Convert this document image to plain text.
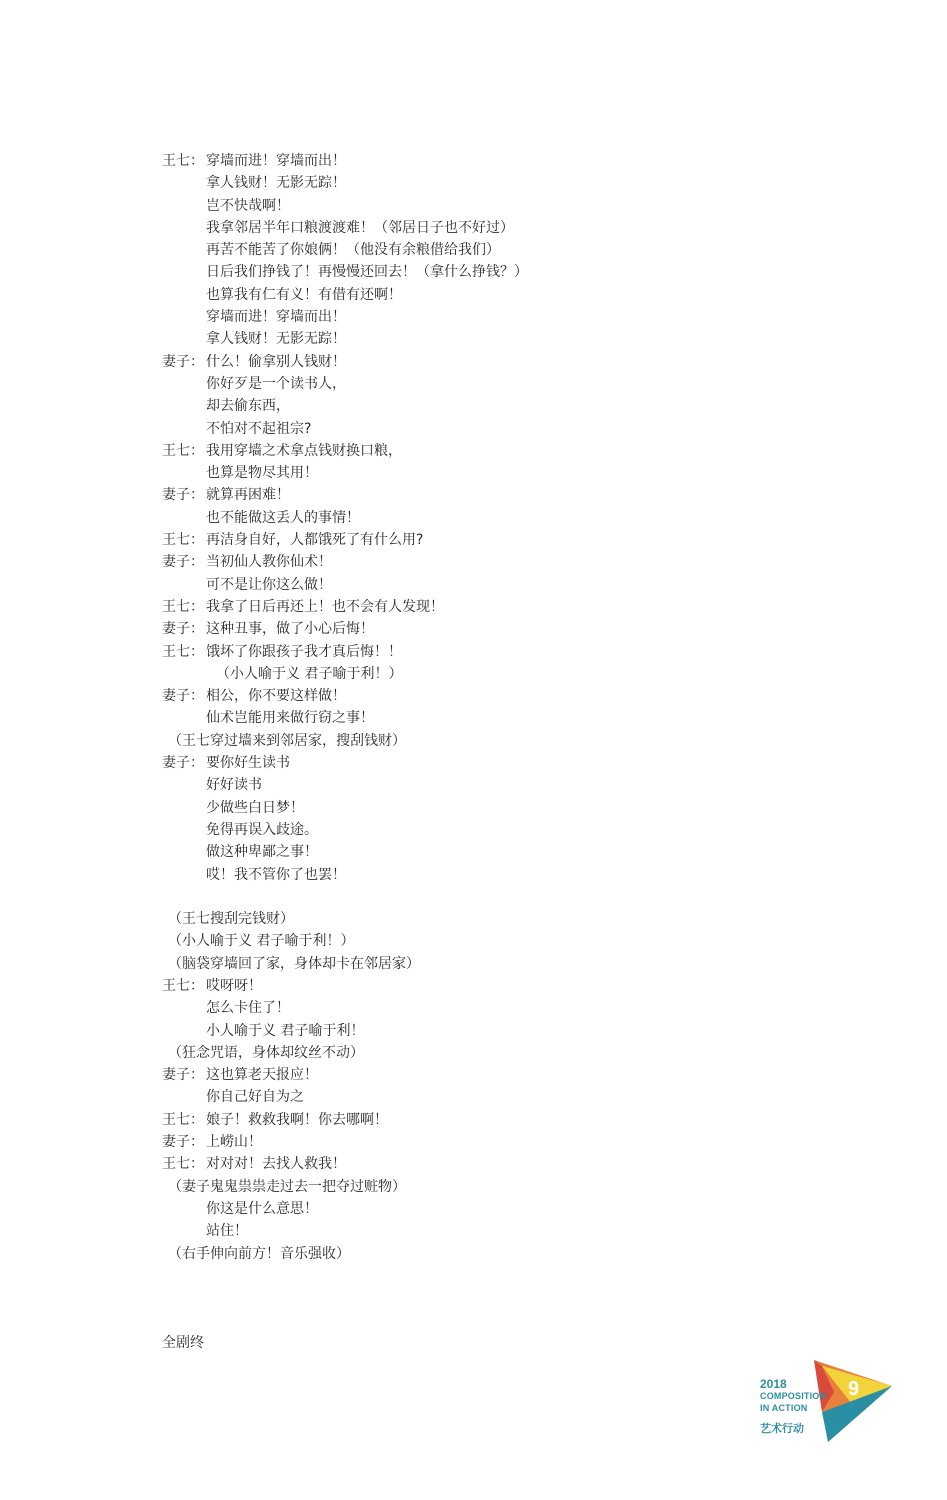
王七： 穿墙而进！穿墙而出！
拿人钱财！无影无踪！
岂不快哉啊！
我拿邻居半年口粮渡渡难！（邻居日子也不好过）
再苦不能苦了你娘俩！（他没有余粮借给我们）
日后我们挣钱了！再慢慢还回去！（拿什么挣钱？）
也算我有仁有义！有借有还啊！
穿墙而进！穿墙而出！
拿人钱财！无影无踪！
妻子： 什么！偷拿别人钱财！
你好歹是一个读书人，
却去偷东西，
不怕对不起祖宗?
王七： 我用穿墙之术拿点钱财换口粮，
也算是物尽其用！
妻子： 就算再困难！
也不能做这丢人的事情！
王七： 再洁身自好，人都饿死了有什么用?
妻子： 当初仙人教你仙术！
可不是让你这么做！
王七： 我拿了日后再还上！也不会有人发现！
妻子： 这种丑事，做了小心后悔！
王七： 饿坏了你跟孩子我才真后悔！！
（小人喻于义 君子喻于利！）
妻子： 相公，你不要这样做！
仙术岂能用来做行窃之事！
（王七穿过墙来到邻居家，搜刮钱财）
妻子： 要你好生读书
好好读书
少做些白日梦！
免得再误入歧途。
做这种卑鄙之事！
哎！我不管你了也罢！
（王七搜刮完钱财）
（小人喻于义 君子喻于利！）
（脑袋穿墙回了家，身体却卡在邻居家）
王七： 哎呀呀！
怎么卡住了！
小人喻于义 君子喻于利！
（狂念咒语，身体却纹丝不动）
妻子： 这也算老天报应！
你自己好自为之
王七： 娘子！救救我啊！你去哪啊！
妻子： 上崂山！
王七： 对对对！去找人救我！
（妻子鬼鬼祟祟走过去一把夺过赃物）
你这是什么意思！
站住！
（右手伸向前方！音乐强收）
全剧终
2018
COMPOSITION
IN ACTION
艺术行动
9
